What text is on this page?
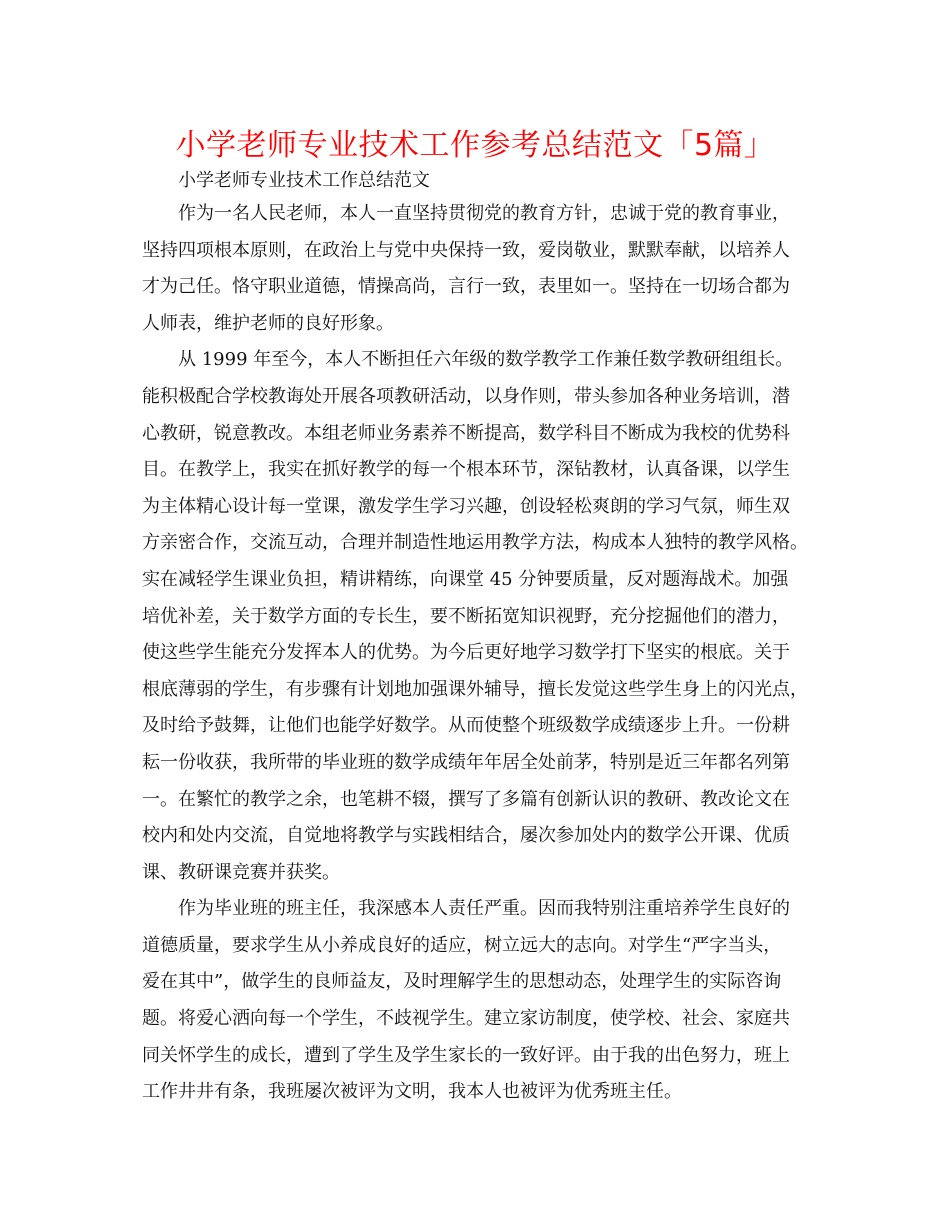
小学老师专业技术工作参考总结范文「5篇」
小学老师专业技术工作总结范文

作为一名人民老师，本人一直坚持贯彻党的教育方针，忠诚于党的教育事业，
坚持四项根本原则，在政治上与党中央保持一致，爱岗敬业，默默奉献，以培养人
才为己任。恪守职业道德，情操高尚，言行一致，表里如一。坚持在一切场合都为
人师表，维护老师的良好形象。

从 1999 年至今，本人不断担任六年级的数学教学工作兼任数学教研组组长。
能积极配合学校教诲处开展各项教研活动，以身作则，带头参加各种业务培训，潜
心教研，锐意教改。本组老师业务素养不断提高，数学科目不断成为我校的优势科
目。在教学上，我实在抓好教学的每一个根本环节，深钻教材，认真备课，以学生
为主体精心设计每一堂课，激发学生学习兴趣，创设轻松爽朗的学习气氛，师生双
方亲密合作，交流互动，合理并制造性地运用教学方法，构成本人独特的教学风格。
实在减轻学生课业负担，精讲精练，向课堂 45 分钟要质量，反对题海战术。加强
培优补差，关于数学方面的专长生，要不断拓宽知识视野，充分挖掘他们的潜力，
使这些学生能充分发挥本人的优势。为今后更好地学习数学打下坚实的根底。关于
根底薄弱的学生，有步骤有计划地加强课外辅导，擅长发觉这些学生身上的闪光点，
及时给予鼓舞，让他们也能学好数学。从而使整个班级数学成绩逐步上升。一份耕
耘一份收获，我所带的毕业班的数学成绩年年居全处前茅，特别是近三年都名列第
一。在繁忙的教学之余，也笔耕不辍，撰写了多篇有创新认识的教研、教改论文在
校内和处内交流，自觉地将教学与实践相结合，屡次参加处内的数学公开课、优质
课、教研课竞赛并获奖。

作为毕业班的班主任，我深感本人责任严重。因而我特别注重培养学生良好的
道德质量，要求学生从小养成良好的适应，树立远大的志向。对学生“严字当头，
爱在其中”，做学生的良师益友，及时理解学生的思想动态，处理学生的实际咨询
题。将爱心洒向每一个学生，不歧视学生。建立家访制度，使学校、社会、家庭共
同关怀学生的成长，遭到了学生及学生家长的一致好评。由于我的出色努力，班上
工作井井有条，我班屡次被评为文明，我本人也被评为优秀班主任。
